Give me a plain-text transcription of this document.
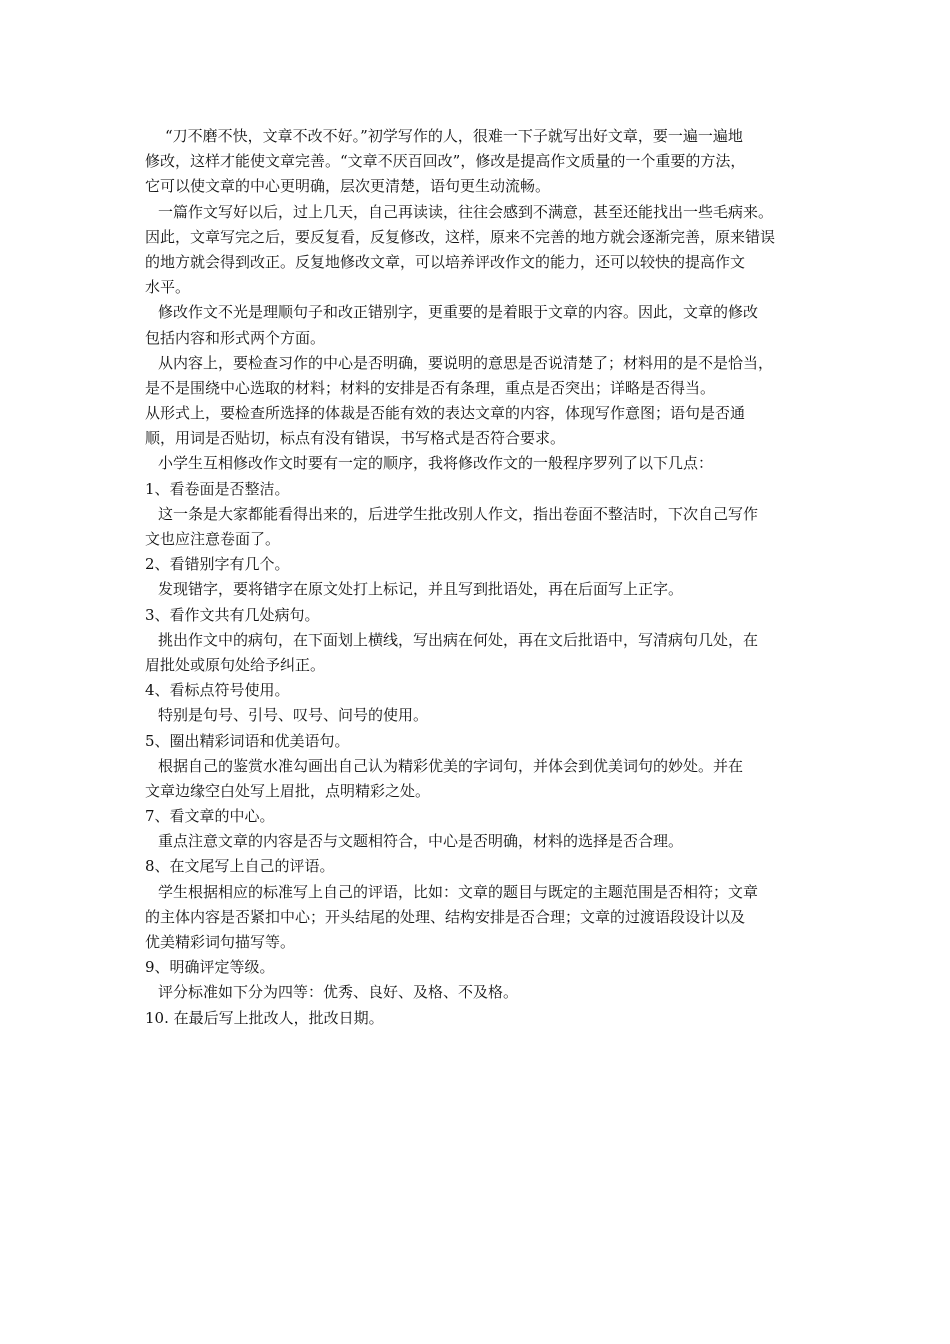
“刀不磨不快，文章不改不好。”初学写作的人，很难一下子就写出好文章，要一遍一遍地

修改，这样才能使文章完善。“文章不厌百回改”，修改是提高作文质量的一个重要的方法，

它可以使文章的中心更明确，层次更清楚，语句更生动流畅。

一篇作文写好以后，过上几天，自己再读读，往往会感到不满意，甚至还能找出一些毛病来。

因此，文章写完之后，要反复看，反复修改，这样，原来不完善的地方就会逐渐完善，原来错误

的地方就会得到改正。反复地修改文章，可以培养评改作文的能力，还可以较快的提高作文

水平。

修改作文不光是理顺句子和改正错别字，更重要的是着眼于文章的内容。因此，文章的修改

包括内容和形式两个方面。

从内容上，要检查习作的中心是否明确，要说明的意思是否说清楚了；材料用的是不是恰当，

是不是围绕中心选取的材料；材料的安排是否有条理，重点是否突出；详略是否得当。

从形式上，要检查所选择的体裁是否能有效的表达文章的内容，体现写作意图；语句是否通

顺，用词是否贴切，标点有没有错误，书写格式是否符合要求。

小学生互相修改作文时要有一定的顺序，我将修改作文的一般程序罗列了以下几点：

1、看卷面是否整洁。

这一条是大家都能看得出来的，后进学生批改别人作文，指出卷面不整洁时，下次自己写作

文也应注意卷面了。

2、看错别字有几个。

发现错字，要将错字在原文处打上标记，并且写到批语处，再在后面写上正字。

3、看作文共有几处病句。

挑出作文中的病句，在下面划上横线，写出病在何处，再在文后批语中，写清病句几处，在

眉批处或原句处给予纠正。

4、看标点符号使用。

特别是句号、引号、叹号、问号的使用。

5、圈出精彩词语和优美语句。

根据自己的鉴赏水准勾画出自己认为精彩优美的字词句，并体会到优美词句的妙处。并在

文章边缘空白处写上眉批，点明精彩之处。

7、看文章的中心。

重点注意文章的内容是否与文题相符合，中心是否明确，材料的选择是否合理。

8、在文尾写上自己的评语。

学生根据相应的标准写上自己的评语，比如：文章的题目与既定的主题范围是否相符；文章

的主体内容是否紧扣中心；开头结尾的处理、结构安排是否合理；文章的过渡语段设计以及

优美精彩词句描写等。

9、明确评定等级。

评分标准如下分为四等：优秀、良好、及格、不及格。

10. 在最后写上批改人，批改日期。
